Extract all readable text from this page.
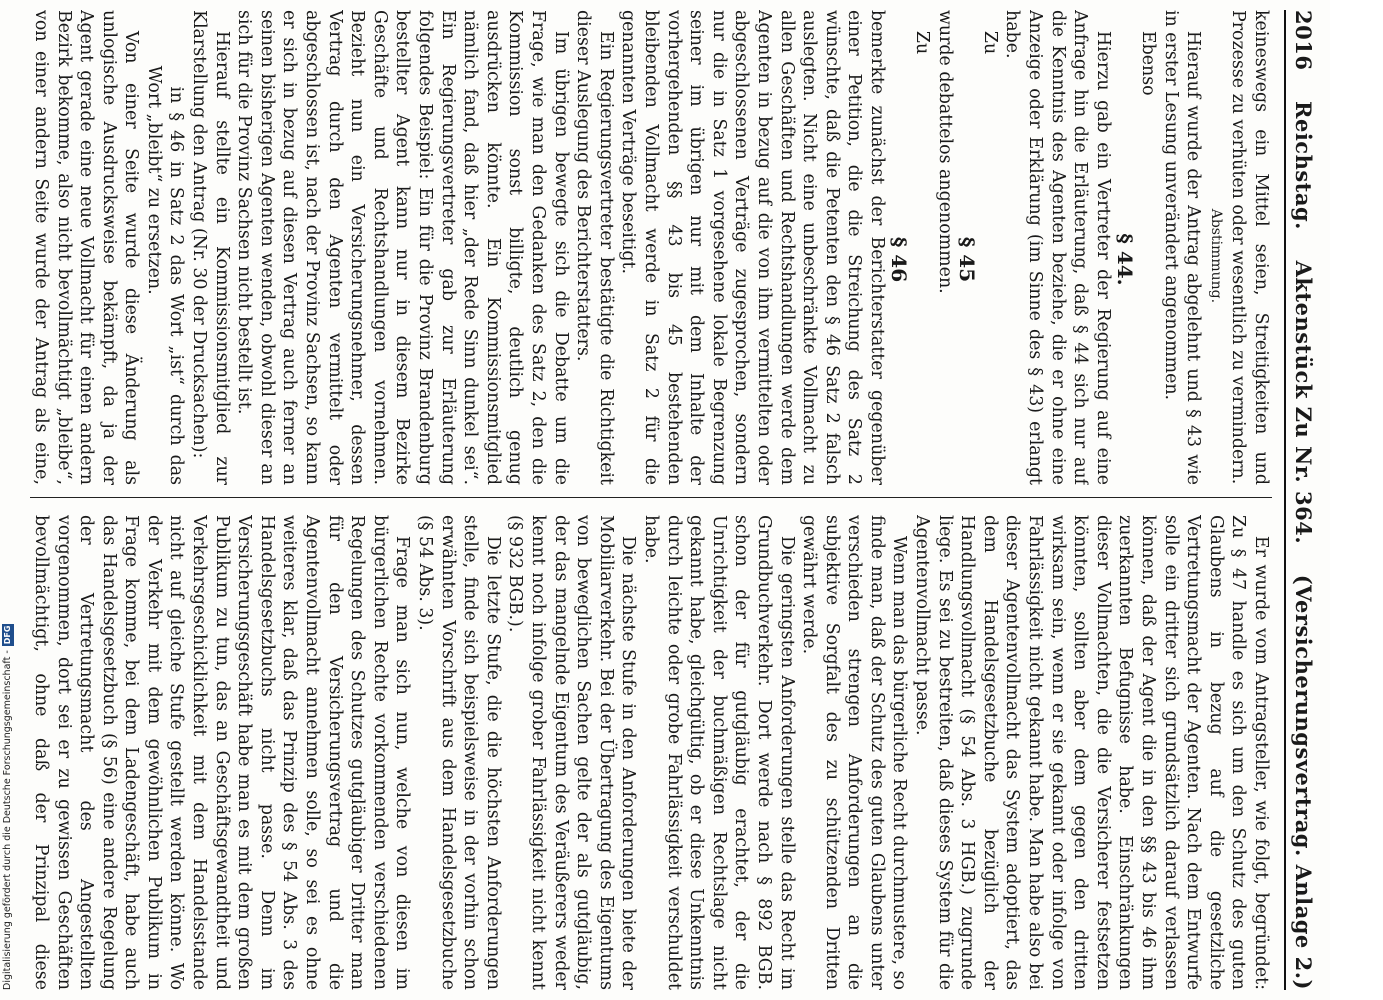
2016
Reichstag.
Aktenstück Zu Nr. 364.
(Versicherungsvertrag. Anlage 2.)

keineswegs ein Mittel seien, Streitigkeiten und Prozesse zu verhüten oder wesentlich zu vermindern.

Abstimmung.

Hierauf wurde der Antrag abgelehnt und § 43 wie in erster Lesung unverändert angenommen.

Ebenso

§ 44.

Hierzu gab ein Vertreter der Regierung auf eine Anfrage hin die Erläuterung, daß § 44 sich nur auf die Kenntnis des Agenten beziehe, die er ohne eine Anzeige oder Erklärung (im Sinne des § 43) erlangt habe.

Zu

§ 45

wurde debattelos angenommen.

Zu

§ 46

bemerkte zunächst der Berichterstatter gegenüber einer Petition, die die Streichung des Satz 2 wünschte, daß die Petenten den § 46 Satz 2 falsch auslegten. Nicht eine unbeschränkte Vollmacht zu allen Geschäften und Rechtshandlungen werde dem Agenten in bezug auf die von ihm vermittelten oder abgeschlossenen Verträge zugesprochen, sondern nur die in Satz 1 vorgesehene lokale Begrenzung seiner im übrigen nur mit dem Inhalte der vorhergehenden §§ 43 bis 45 bestehenden bleibenden Vollmacht werde in Satz 2 für die genannten Verträge beseitigt.

Ein Regierungsvertreter bestätigte die Richtigkeit dieser Auslegung des Berichterstatters.

Im übrigen bewegte sich die Debatte um die Frage, wie man den Gedanken des Satz 2, den die Kommission sonst billigte, deutlich genug ausdrücken könnte. Ein Kommissionsmitglied nämlich fand, daß hier „der Rede Sinn dunkel sei“. Ein Regierungsvertreter gab zur Erläuterung folgendes Beispiel: Ein für die Provinz Brandenburg bestellter Agent kann nur in diesem Bezirke Geschäfte und Rechtshandlungen vornehmen. Bezieht nun ein Versicherungsnehmer, dessen Vertrag durch den Agenten vermittelt oder abgeschlossen ist, nach der Provinz Sachsen, so kann er sich in bezug auf diesen Vertrag auch ferner an seinen bisherigen Agenten wenden, obwohl dieser an sich für die Provinz Sachsen nicht bestellt ist.

Hierauf stellte ein Kommissionsmitglied zur Klarstellung den Antrag (Nr. 30 der Drucksachen):

in § 46 in Satz 2 das Wort „ist“ durch das Wort „bleibt“ zu ersetzen.

Von einer Seite wurde diese Änderung als unlogische Ausdrucksweise bekämpft, da ja der Agent gerade eine neue Vollmacht für einen andern Bezirk bekomme, also nicht bevollmächtigt „bleibe“, von einer andern Seite wurde der Antrag als eine,

Er wurde vom Antragsteller, wie folgt, begründet: Zu § 47 handle es sich um den Schutz des guten Glaubens in bezug auf die gesetzliche Vertretungsmacht der Agenten. Nach dem Entwurfe solle ein dritter sich grundsätzlich darauf verlassen können, daß der Agent die in den §§ 43 bis 46 ihm zuerkannten Befugnisse habe. Einschränkungen dieser Vollmachten, die die Versicherer festsetzen könnten, sollten aber dem gegen den dritten wirksam sein, wenn er sie gekannt oder infolge von Fahrlässigkeit nicht gekannt habe. Man habe also bei dieser Agentenvollmacht das System adoptiert, das dem Handelsgesetzbuche bezüglich der Handlungsvollmacht (§ 54 Abs. 3 HGB.) zugrunde liege. Es sei zu bestreiten, daß dieses System für die Agentenvollmacht passe.

Wenn man das bürgerliche Recht durchmustere, so finde man, daß der Schutz des guten Glaubens unter verschieden strengen Anforderungen an die subjektive Sorgfalt des zu schützenden Dritten gewährt werde.

Die geringsten Anforderungen stelle das Recht im Grundbuchverkehr. Dort werde nach § 892 BGB. schon der für gutgläubig erachtet, der die Unrichtigkeit der buchmäßigen Rechtslage nicht gekannt habe, gleichgültig, ob er diese Unkenntnis durch leichte oder grobe Fahrlässigkeit verschuldet habe.

Die nächste Stufe in den Anforderungen biete der Mobiliarverkehr. Bei der Übertragung des Eigentums von beweglichen Sachen gelte der als gutgläubig, der das mangelnde Eigentum des Veräußerers weder kennt noch infolge grober Fahrlässigkeit nicht kennt (§ 932 BGB.).

Die letzte Stufe, die die höchsten Anforderungen stelle, finde sich beispielsweise in der vorhin schon erwähnten Vorschrift aus dem Handelsgesetzbuche (§ 54 Abs. 3).

Frage man sich nun, welche von diesen im bürgerlichen Rechte vorkommenden verschiedenen Regelungen des Schutzes gutgläubiger Dritter man für den Versicherungsvertrag und die Agentenvollmacht annehmen solle, so sei es ohne weiteres klar, daß das Prinzip des § 54 Abs. 3 des Handelsgesetzbuchs nicht passe. Denn im Versicherungsgeschäft habe man es mit dem großen Publikum zu tun, das an Geschäftsgewandtheit und Verkehrsgeschicklichkeit mit dem Handelsstande nicht auf gleiche Stufe gestellt werden könne. Wo der Verkehr mit dem gewöhnlichen Publikum in Frage komme, bei dem Ladengeschäft, habe auch das Handelsgesetzbuch (§ 56) eine andere Regelung der Vertretungsmacht des Angestellten vorgenommen, dort sei er zu gewissen Geschäften bevollmächtigt, ohne daß der Prinzipal diese

Digitalisierung gefördert durch die Deutsche Forschungsgemeinschaft -
DFG
